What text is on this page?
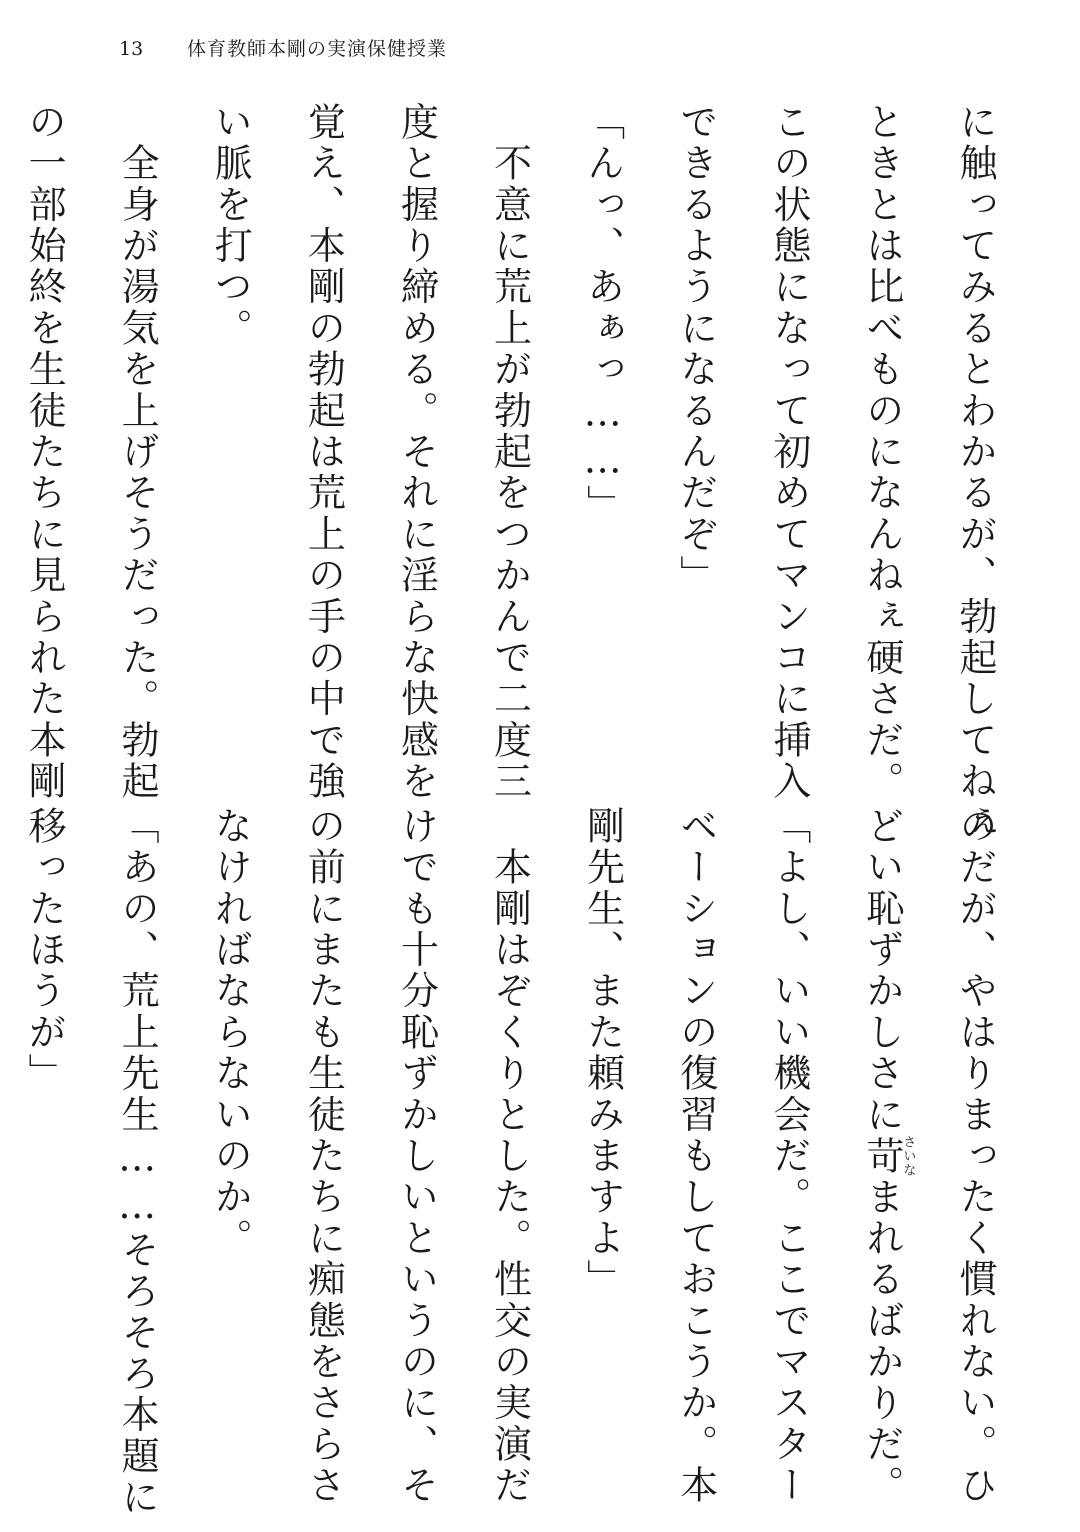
13 体育教師本剛の実演保健授業
に触ってみるとわかるが、勃起してねぇ
ときとは比べものになんねぇ硬さだ。
この状態になって初めてマンコに挿入
できるようになるんだぞ」
「んっ、あぁっ……」
　不意に荒上が勃起をつかんで二度三
度と握り締める。それに淫らな快感を
覚え、本剛の勃起は荒上の手の中で強
い脈を打つ。
　全身が湯気を上げそうだった。勃起
の一部始終を生徒たちに見られた本剛
のだが、やはりまったく慣れない。ひ
どい恥ずかしさに苛さいなまれるばかりだ。
「よし、いい機会だ。ここでマスター
ベーションの復習もしておこうか。本
剛先生、また頼みますよ」
　本剛はぞくりとした。性交の実演だ
けでも十分恥ずかしいというのに、そ
の前にまたも生徒たちに痴態をさらさ
なければならないのか。
「あの、荒上先生……そろそろ本題に
移ったほうが」
